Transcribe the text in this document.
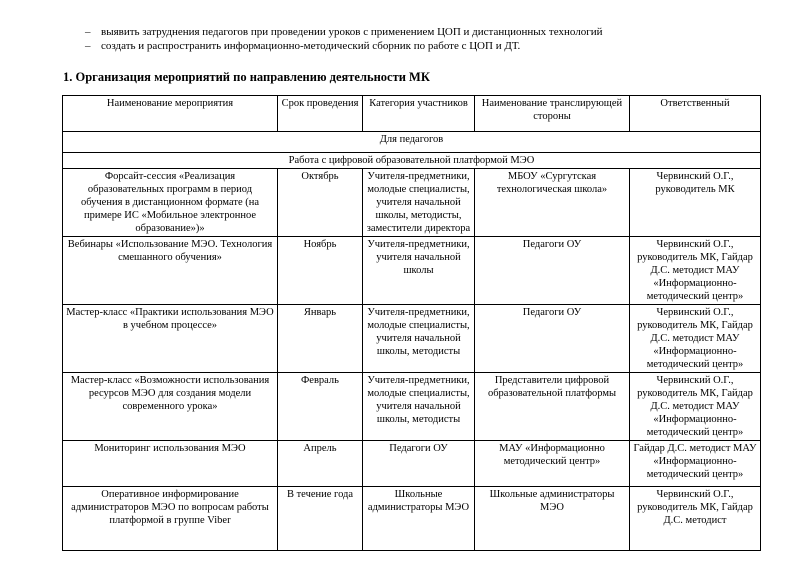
– выявить затруднения педагогов при проведении уроков с применением ЦОП и дистанционных технологий
– создать и распространить информационно-методический сборник по работе с ЦОП и ДТ.
1. Организация мероприятий по направлению деятельности МК
Наименование мероприятия	Срок проведения	Категория участников	Наименование транслирующей стороны	Ответственный
Для педагогов				
Работа с цифровой образовательной платформой МЭО				
Форсайт-сессия «Реализация образовательных программ в период обучения в дистанционном формате (на примере ИС «Мобильное электронное образование»)»	Октябрь	Учителя-предметники, молодые специалисты, учителя начальной школы, методисты, заместители директора	МБОУ «Сургутская технологическая школа»	Червинский О.Г., руководитель МК
Вебинары «Использование МЭО. Технология смешанного обучения»	Ноябрь	Учителя-предметники, учителя начальной школы	Педагоги ОУ	Червинский О.Г., руководитель МК, Гайдар Д.С. методист МАУ «Информационно-методический центр»
Мастер-класс «Практики использования МЭО в учебном процессе»	Январь	Учителя-предметники, молодые специалисты, учителя начальной школы, методисты	Педагоги ОУ	Червинский О.Г., руководитель МК, Гайдар Д.С. методист МАУ «Информационно-методический центр»
Мастер-класс «Возможности использования ресурсов МЭО для создания модели современного урока»	Февраль	Учителя-предметники, молодые специалисты, учителя начальной школы, методисты	Представители цифровой образовательной платформы	Червинский О.Г., руководитель МК, Гайдар Д.С. методист МАУ «Информационно-методический центр»
Мониторинг использования МЭО	Апрель	Педагоги ОУ	МАУ «Информационно методический центр»	Гайдар Д.С. методист МАУ «Информационно-методический центр»
Оперативное информирование администраторов МЭО по вопросам работы платформой в группе Viber	В течение года	Школьные администраторы МЭО	Школьные администраторы МЭО	Червинский О.Г., руководитель МК, Гайдар Д.С. методист
